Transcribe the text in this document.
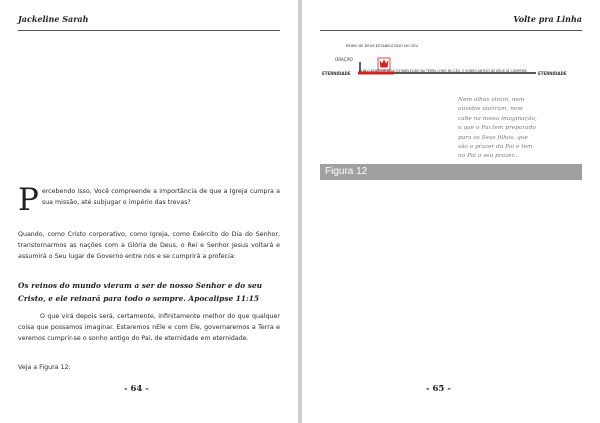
Jackeline Sarah
Percebendo isso, Você compreende a importância de que a Igreja cumpra a sua missão, até subjugar o império das trevas?
Quando, como Cristo corporativo, como Igreja, como Exército do Dia do Senhor, transtornarmos as nações com a Glória de Deus, o Rei e Senhor Jesus voltará e assumirá o Seu lugar de Governo entre nós e se cumprirá a profecia:
Os reinos do mundo vieram a ser de nosso Senhor e do seu Cristo, e ele reinará para todo o sempre. Apocalipse 11:15
O que virá depois será, certamente, infinitamente melhor do que qualquer coisa que possamos imaginar. Estaremos nEle e com Ele, governaremos a Terra e veremos cumprir-se o sonho antigo do Pai, de eternidade em eternidade.
Veja a Figura 12:
- 64 -
Volte pra Linha
REINO DE DEUS ESTABELECIDO NO CÉU
ORAÇÃO
ETERNIDADE	COM O REINO DE DEUS ESTABELECIDO NA TERRA COMO NO CÉU, O SONHO ANTIGO DE DEUS SE CUMPRIRÁ	ETERNIDADE
Nem olhos viram, nem
ouvidos ouviram, nem
cabe na nossa imaginação,
o que o Pai tem preparado
para os Seus filhos, que
são o prazer do Pai e tem
no Pai o seu prazer...
Figura 12
- 65 -
